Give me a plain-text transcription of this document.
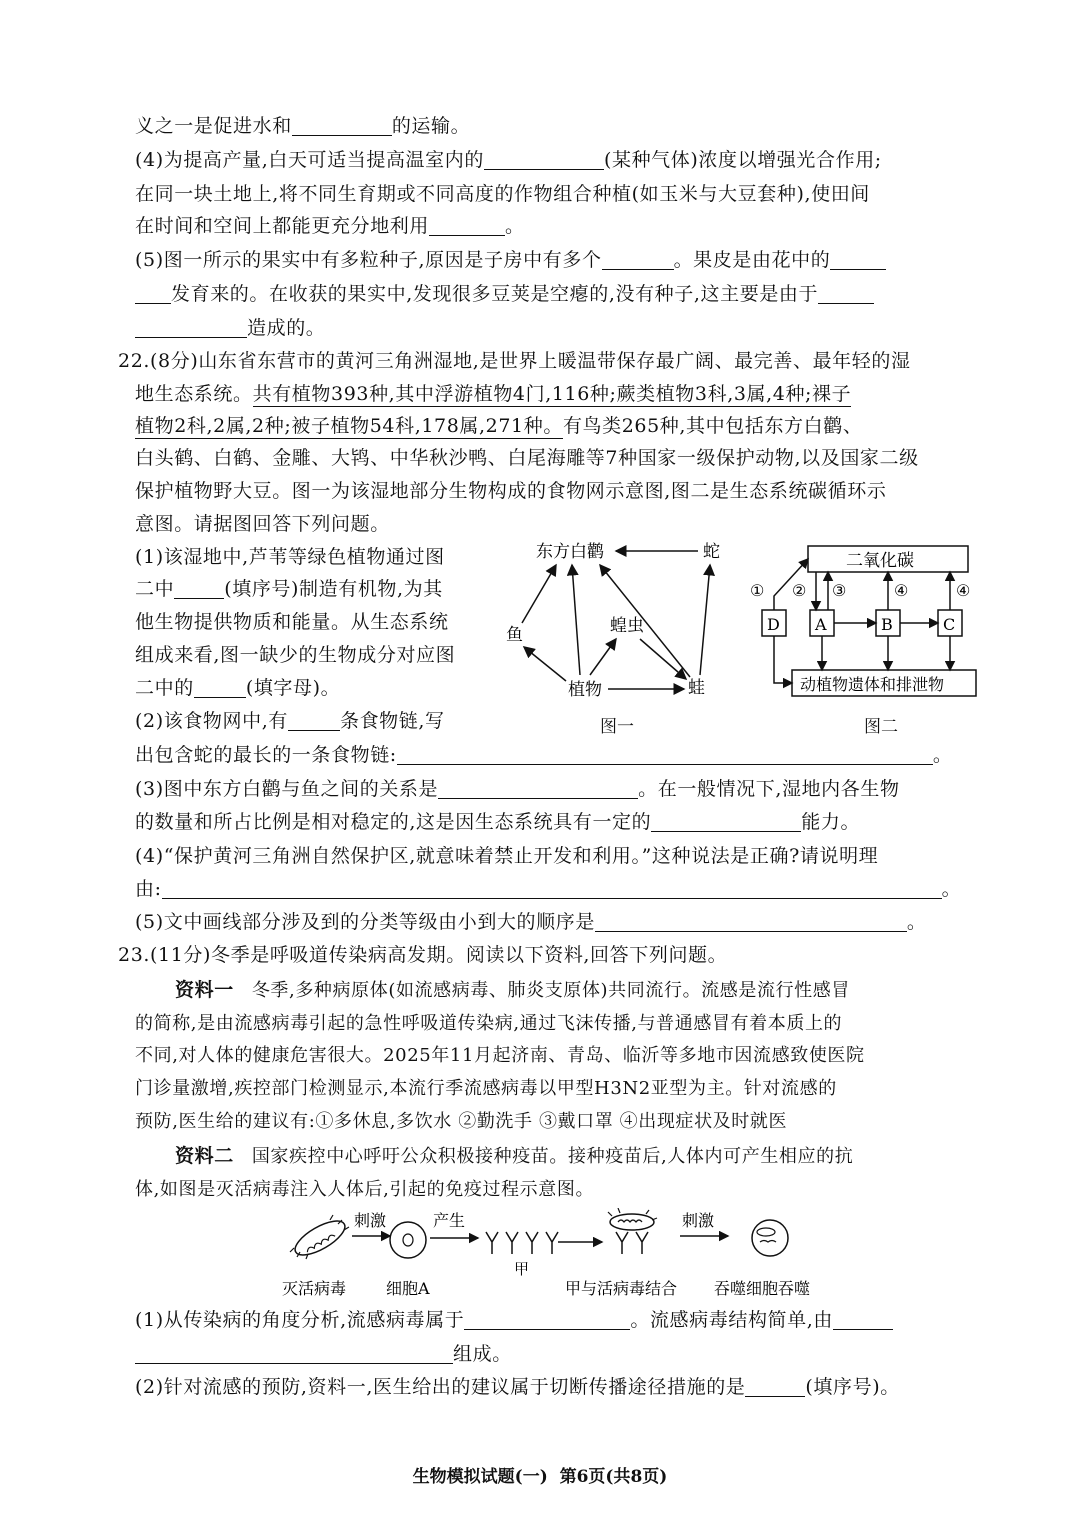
义之一是促进水和	的运输。
(4)为提高产量,白天可适当提高温室内的	(某种气体)浓度以增强光合作用;
在同一块土地上,将不同生育期或不同高度的作物组合种植(如玉米与大豆套种),使田间
在时间和空间上都能更充分地利用	。
(5)图一所示的果实中有多粒种子,原因是子房中有多个	。果皮是由花中的
发育来的。在收获的果实中,发现很多豆荚是空瘪的,没有种子,这主要是由于
造成的。
22.(8分)山东省东营市的黄河三角洲湿地,是世界上暖温带保存最广阔、最完善、最年轻的湿
地生态系统。共有植物393种,其中浮游植物4门,116种;蕨类植物3科,3属,4种;裸子
植物2科,2属,2种;被子植物54科,178属,271种。有鸟类265种,其中包括东方白鹳、
白头鹤、白鹤、金雕、大鸨、中华秋沙鸭、白尾海雕等7种国家一级保护动物,以及国家二级
保护植物野大豆。图一为该湿地部分生物构成的食物网示意图,图二是生态系统碳循环示
意图。请据图回答下列问题。
(1)该湿地中,芦苇等绿色植物通过图
二中	(填序号)制造有机物,为其
他生物提供物质和能量。从生态系统
组成来看,图一缺少的生物成分对应图
二中的	(填字母)。
(2)该食物网中,有	条食物链,写
出包含蛇的最长的一条食物链:	。
(3)图中东方白鹳与鱼之间的关系是	。在一般情况下,湿地内各生物
的数量和所占比例是相对稳定的,这是因生态系统具有一定的	能力。
(4)“保护黄河三角洲自然保护区,就意味着禁止开发和利用。”这种说法是正确?请说明理
由:	。
(5)文中画线部分涉及到的分类等级由小到大的顺序是	。
东方白鹳	蛇
鱼	蝗虫
植物	蛙
图一
二氧化碳
D A	B	C
动植物遗体和排泄物
① ② ③	④	④
图二
23.(11分)冬季是呼吸道传染病高发期。阅读以下资料,回答下列问题。
资料一 冬季,多种病原体(如流感病毒、肺炎支原体)共同流行。流感是流行性感冒
的简称,是由流感病毒引起的急性呼吸道传染病,通过飞沫传播,与普通感冒有着本质上的
不同,对人体的健康危害很大。2025年11月起济南、青岛、临沂等多地市因流感致使医院
门诊量激增,疾控部门检测显示,本流行季流感病毒以甲型H3N2亚型为主。针对流感的
预防,医生给的建议有:①多休息,多饮水 ②勤洗手 ③戴口罩 ④出现症状及时就医
资料二 国家疾控中心呼吁公众积极接种疫苗。接种疫苗后,人体内可产生相应的抗
体,如图是灭活病毒注入人体后,引起的免疫过程示意图。
刺激	产生
甲
刺激
灭活病毒 细胞A	甲与活病毒结合 吞噬细胞吞噬
(1)从传染病的角度分析,流感病毒属于	。流感病毒结构简单,由
组成。
(2)针对流感的预防,资料一,医生给出的建议属于切断传播途径措施的是	(填序号)。
生物模拟试题(一)  第6页(共8页)
